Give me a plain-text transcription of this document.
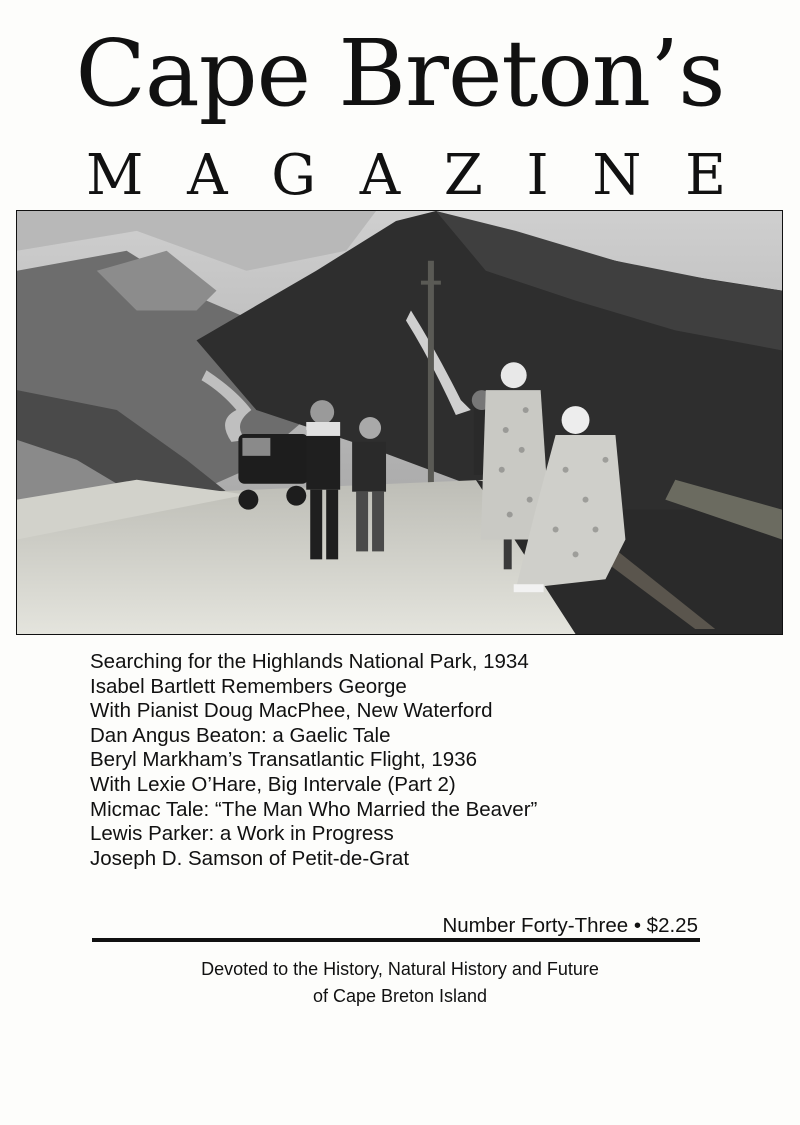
Cape Breton’s
M A G A Z I N E
Searching for the Highlands National Park, 1934
Isabel Bartlett Remembers George
With Pianist Doug MacPhee, New Waterford
Dan Angus Beaton: a Gaelic Tale
Beryl Markham’s Transatlantic Flight, 1936
With Lexie O’Hare, Big Intervale (Part 2)
Micmac Tale: “The Man Who Married the Beaver”
Lewis Parker: a Work in Progress
Joseph D. Samson of Petit-de-Grat
Number Forty-Three • $2.25
Devoted to the History, Natural History and Future
of Cape Breton Island
